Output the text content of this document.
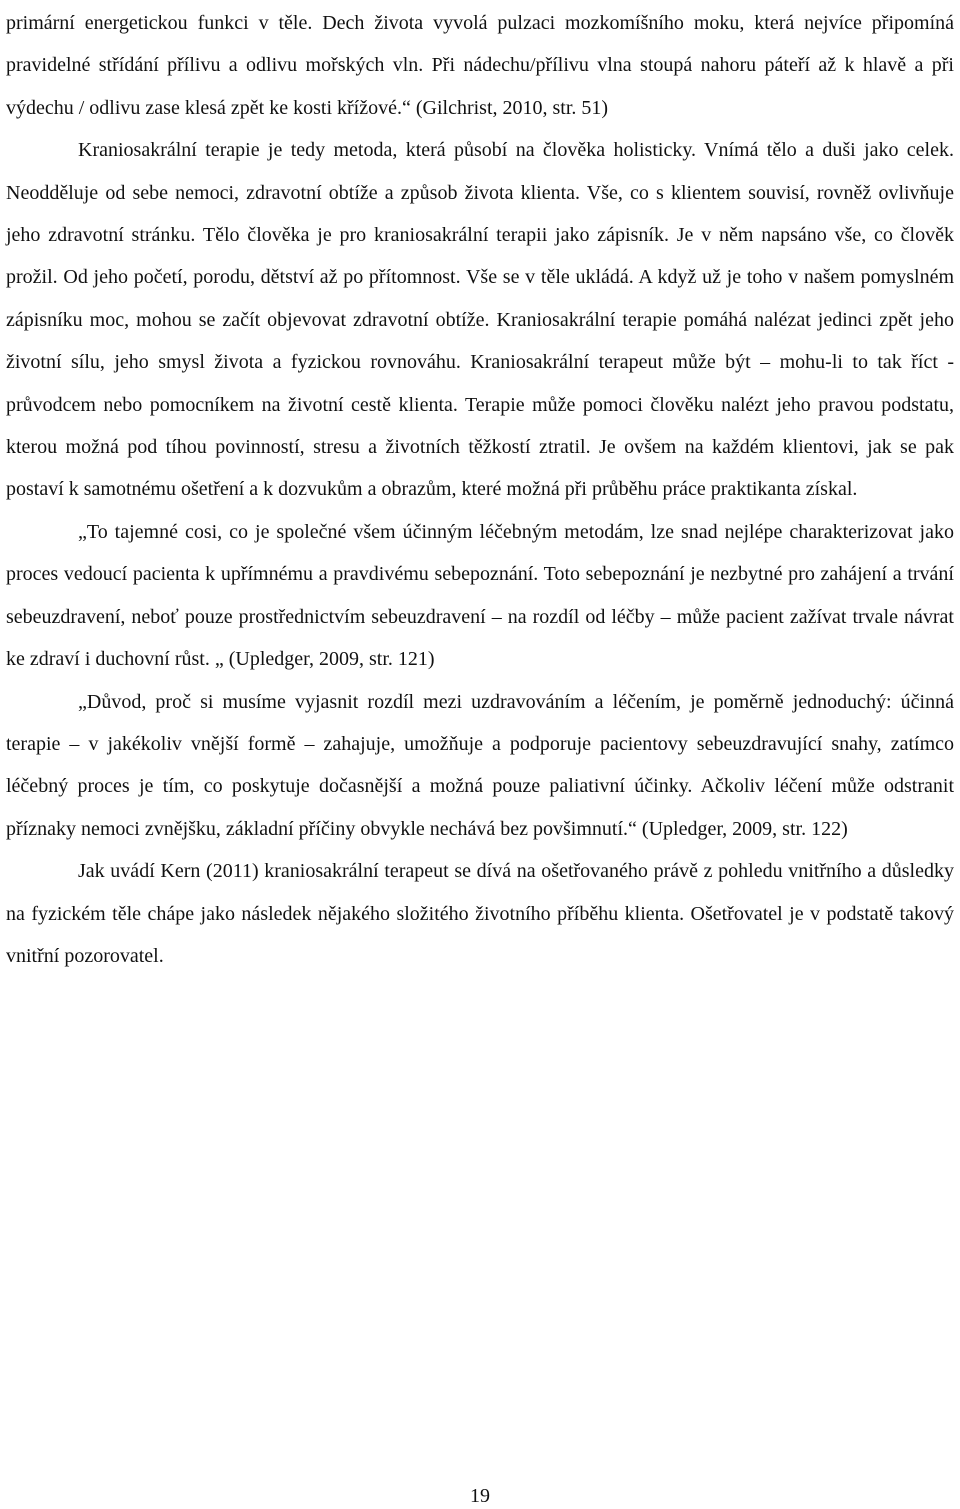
primární energetickou funkci v těle. Dech života vyvolá pulzaci mozkomíšního moku, která nejvíce připomíná pravidelné střídání přílivu a odlivu mořských vln. Při nádechu/přílivu vlna stoupá nahoru páteří až k hlavě a při výdechu / odlivu zase klesá zpět ke kosti křížové.“ (Gilchrist, 2010, str. 51)

Kraniosakrální terapie je tedy metoda, která působí na člověka holisticky. Vnímá tělo a duši jako celek. Neodděluje od sebe nemoci, zdravotní obtíže a způsob života klienta. Vše, co s klientem souvisí, rovněž ovlivňuje jeho zdravotní stránku. Tělo člověka je pro kraniosakrální terapii jako zápisník. Je v něm napsáno vše, co člověk prožil. Od jeho početí, porodu, dětství až po přítomnost. Vše se v těle ukládá. A když už je toho v našem pomyslném zápisníku moc, mohou se začít objevovat zdravotní obtíže. Kraniosakrální terapie pomáhá nalézat jedinci zpět jeho životní sílu, jeho smysl života a fyzickou rovnováhu. Kraniosakrální terapeut může být – mohu-li to tak říct - průvodcem nebo pomocníkem na životní cestě klienta. Terapie může pomoci člověku nalézt jeho pravou podstatu, kterou možná pod tíhou povinností, stresu a životních těžkostí ztratil. Je ovšem na každém klientovi, jak se pak postaví k samotnému ošetření a k dozvukům a obrazům, které možná při průběhu práce praktikanta získal.

„To tajemné cosi, co je společné všem účinným léčebným metodám, lze snad nejlépe charakterizovat jako proces vedoucí pacienta k upřímnému a pravdivému sebepoznání. Toto sebepoznání je nezbytné pro zahájení a trvání sebeuzdravení, neboť pouze prostřednictvím sebeuzdravení – na rozdíl od léčby – může pacient zažívat trvale návrat ke zdraví i duchovní růst. „ (Upledger, 2009, str. 121)

„Důvod, proč si musíme vyjasnit rozdíl mezi uzdravováním a léčením, je poměrně jednoduchý: účinná terapie – v jakékoliv vnější formě – zahajuje, umožňuje a podporuje pacientovy sebeuzdravující snahy, zatímco léčebný proces je tím, co poskytuje dočasnější a možná pouze paliativní účinky. Ačkoliv léčení může odstranit příznaky nemoci zvnějšku, základní příčiny obvykle nechává bez povšimnutí.“ (Upledger, 2009, str. 122)

Jak uvádí Kern (2011) kraniosakrální terapeut se dívá na ošetřovaného právě z pohledu vnitřního a důsledky na fyzickém těle chápe jako následek nějakého složitého životního příběhu klienta. Ošetřovatel je v podstatě takový vnitřní pozorovatel.

19
